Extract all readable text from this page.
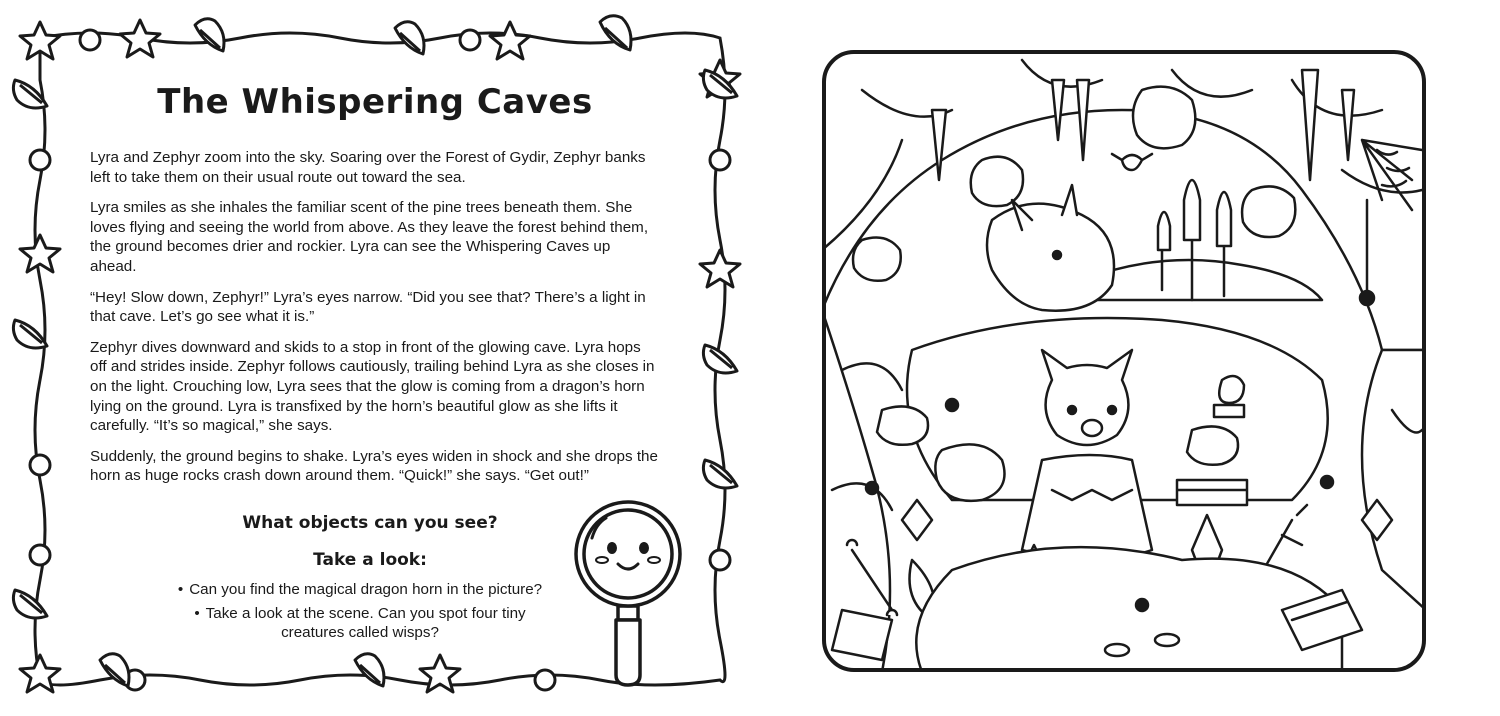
The Whispering Caves

Lyra and Zephyr zoom into the sky. Soaring over the Forest of Gydir, Zephyr banks left to take them on their usual route out toward the sea.

Lyra smiles as she inhales the familiar scent of the pine trees beneath them. She loves flying and seeing the world from above. As they leave the forest behind them, the ground becomes drier and rockier. Lyra can see the Whispering Caves up ahead.

“Hey! Slow down, Zephyr!” Lyra’s eyes narrow. “Did you see that? There’s a light in that cave. Let’s go see what it is.”

Zephyr dives downward and skids to a stop in front of the glowing cave. Lyra hops off and strides inside. Zephyr follows cautiously, trailing behind Lyra as she closes in on the light. Crouching low, Lyra sees that the glow is coming from a dragon’s horn lying on the ground. Lyra is transfixed by the horn’s beautiful glow as she lifts it carefully. “It’s so magical,” she says.

Suddenly, the ground begins to shake. Lyra’s eyes widen in shock and she drops the horn as huge rocks crash down around them. “Quick!” she says. “Get out!”

What objects can you see?
Take a look:
• Can you find the magical dragon horn in the picture?
• Take a look at the scene. Can you spot four tiny creatures called wisps?
